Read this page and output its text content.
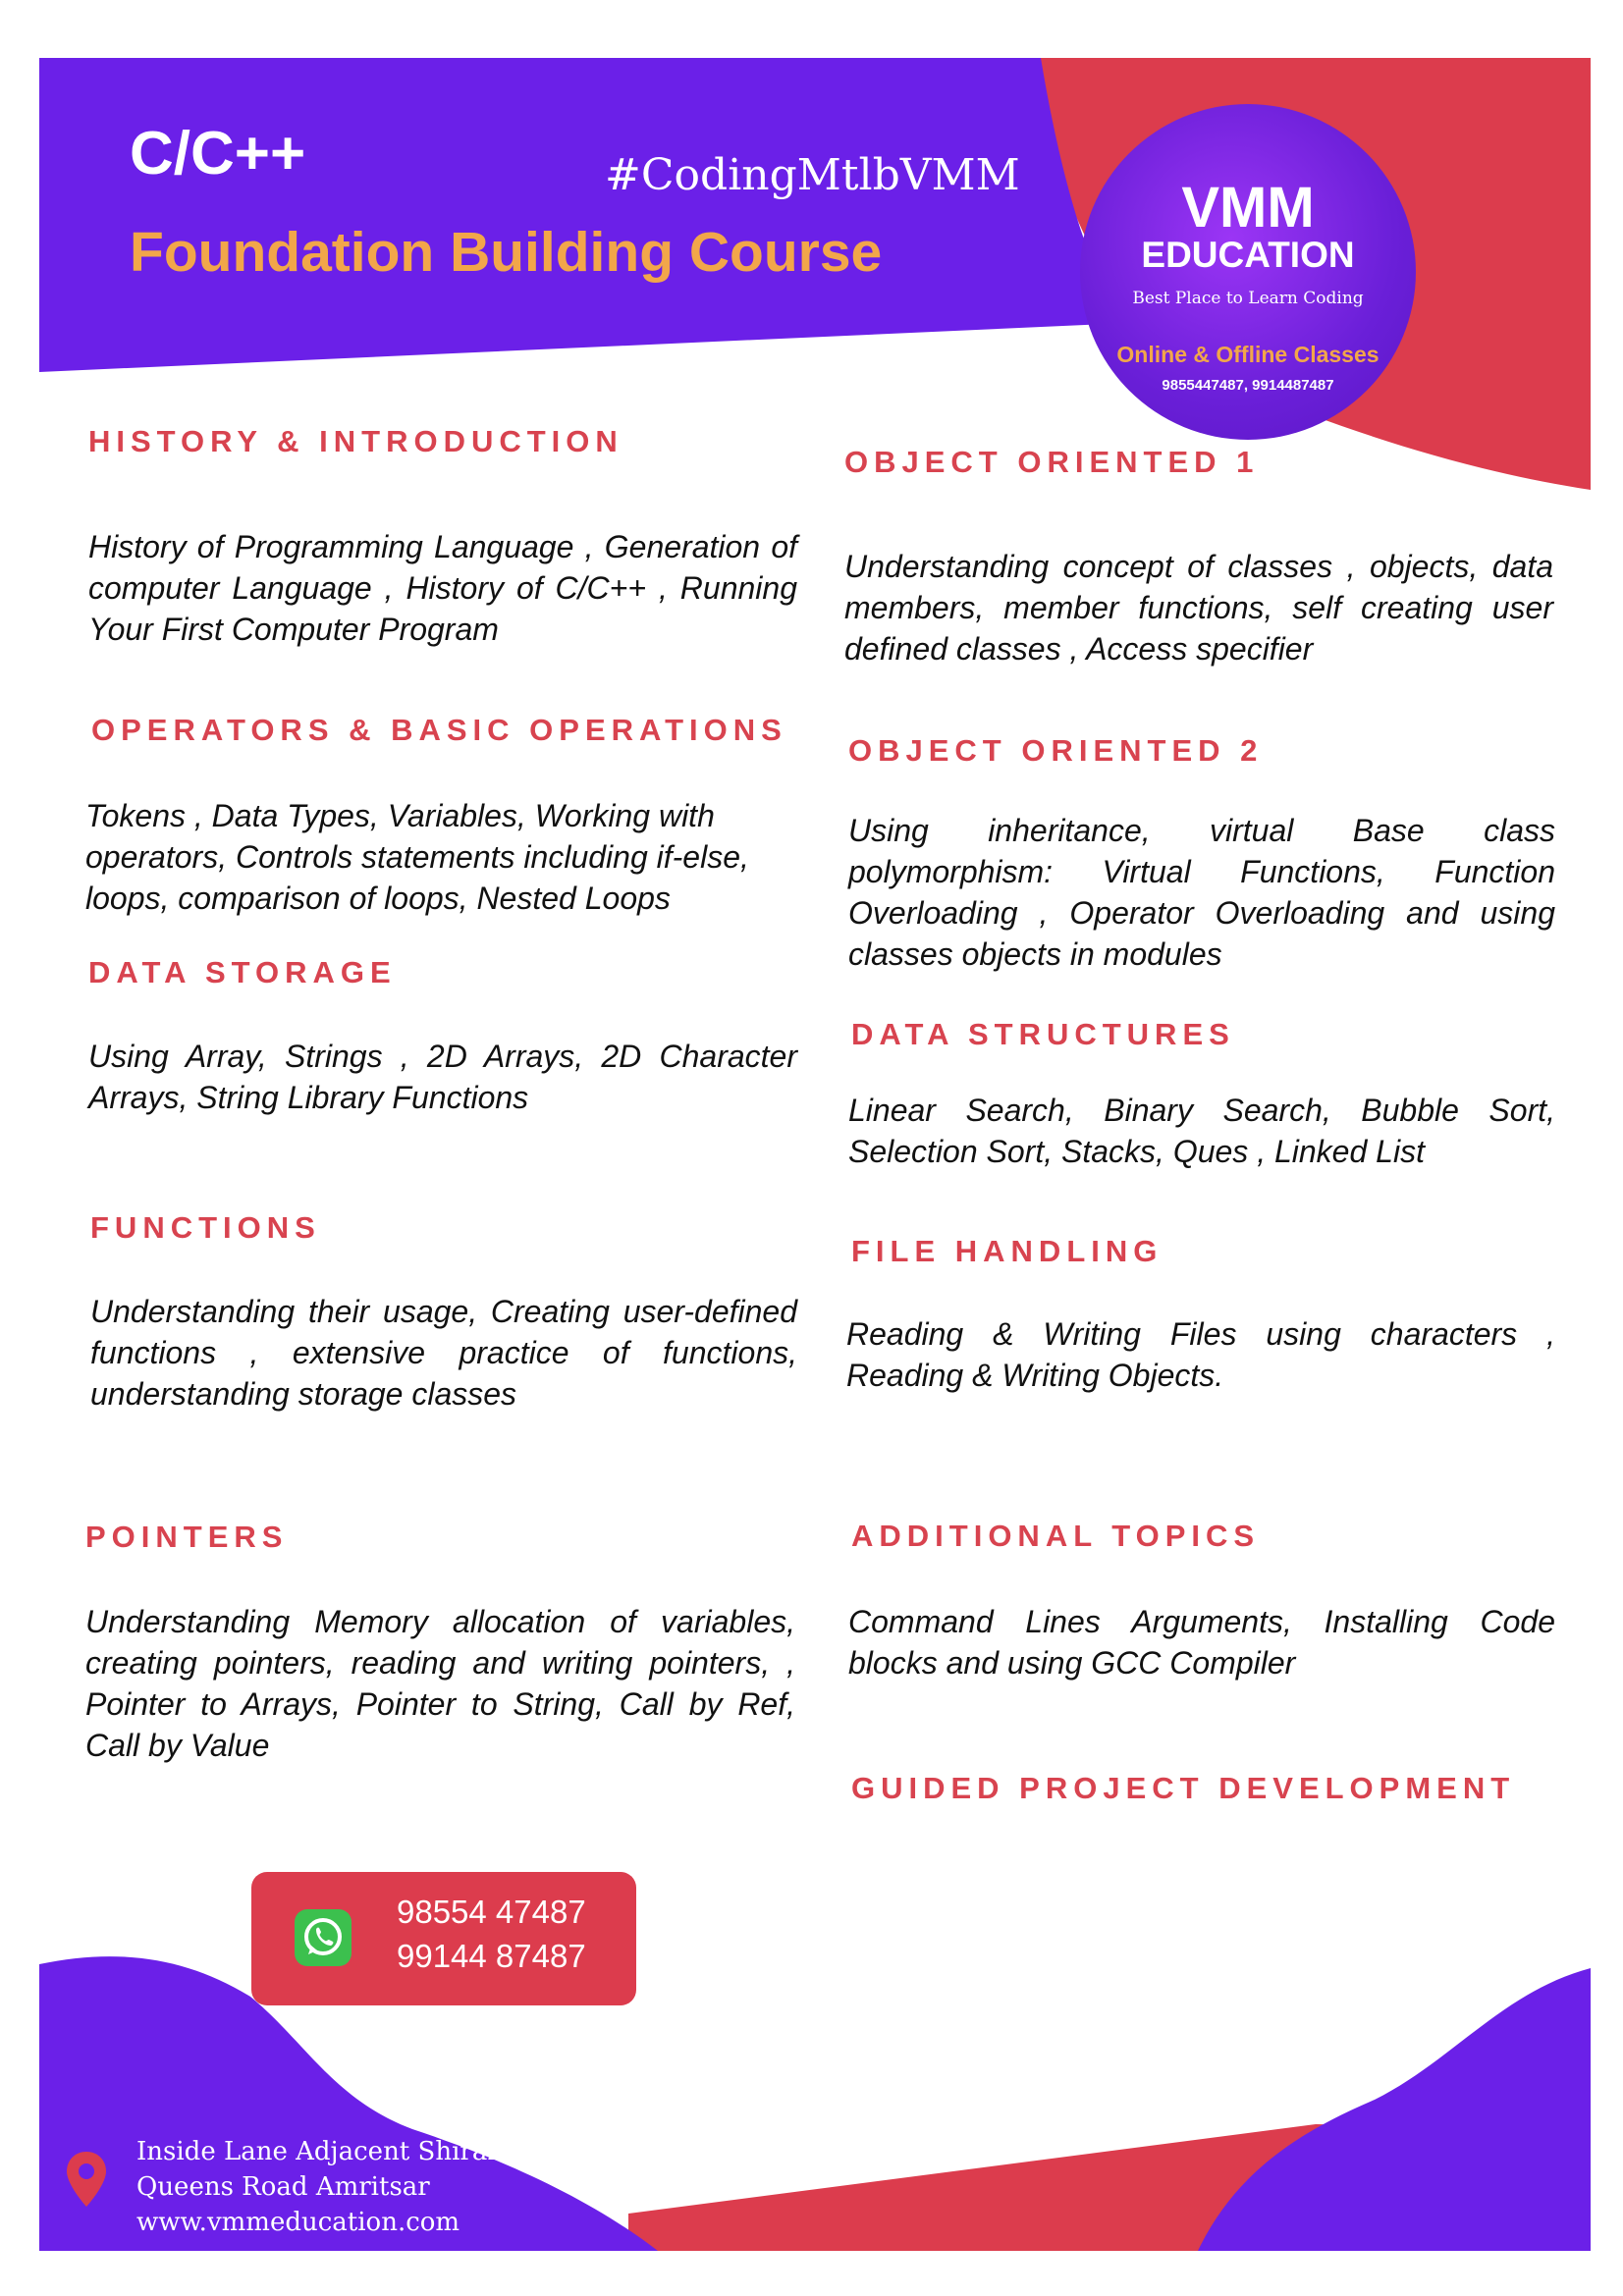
C/C++
Foundation Building Course
#CodingMtlbVMM
VMM
EDUCATION
Best Place to Learn Coding
Online & Offline Classes
9855447487, 9914487487
HISTORY & INTRODUCTION
History of Programming Language , Generation of computer Language , History of C/C++ , Running Your First Computer Program
OPERATORS & BASIC OPERATIONS
Tokens , Data Types, Variables, Working with operators, Controls statements including if-else, loops, comparison of loops, Nested Loops
DATA STORAGE
Using Array, Strings , 2D Arrays, 2D Character Arrays, String Library Functions
FUNCTIONS
Understanding their usage, Creating user-defined functions , extensive practice of functions, understanding storage classes
POINTERS
Understanding Memory allocation of variables, creating pointers, reading and writing pointers, , Pointer to Arrays, Pointer to String, Call by Ref, Call by Value
OBJECT ORIENTED 1
Understanding concept of classes , objects, data members, member functions, self creating user defined classes , Access specifier
OBJECT ORIENTED 2
Using inheritance, virtual Base class polymorphism: Virtual Functions, Function Overloading , Operator Overloading and using classes objects in modules
DATA STRUCTURES
Linear Search, Binary Search, Bubble Sort, Selection Sort, Stacks, Ques , Linked List
FILE HANDLING
Reading & Writing Files using characters , Reading & Writing Objects.
ADDITIONAL TOPICS
Command Lines Arguments, Installing Code blocks and using GCC Compiler
GUIDED PROJECT DEVELOPMENT
98554 47487
99144 87487
Inside Lane Adjacent Shiraz Hotel
Queens Road Amritsar
www.vmmeducation.com
